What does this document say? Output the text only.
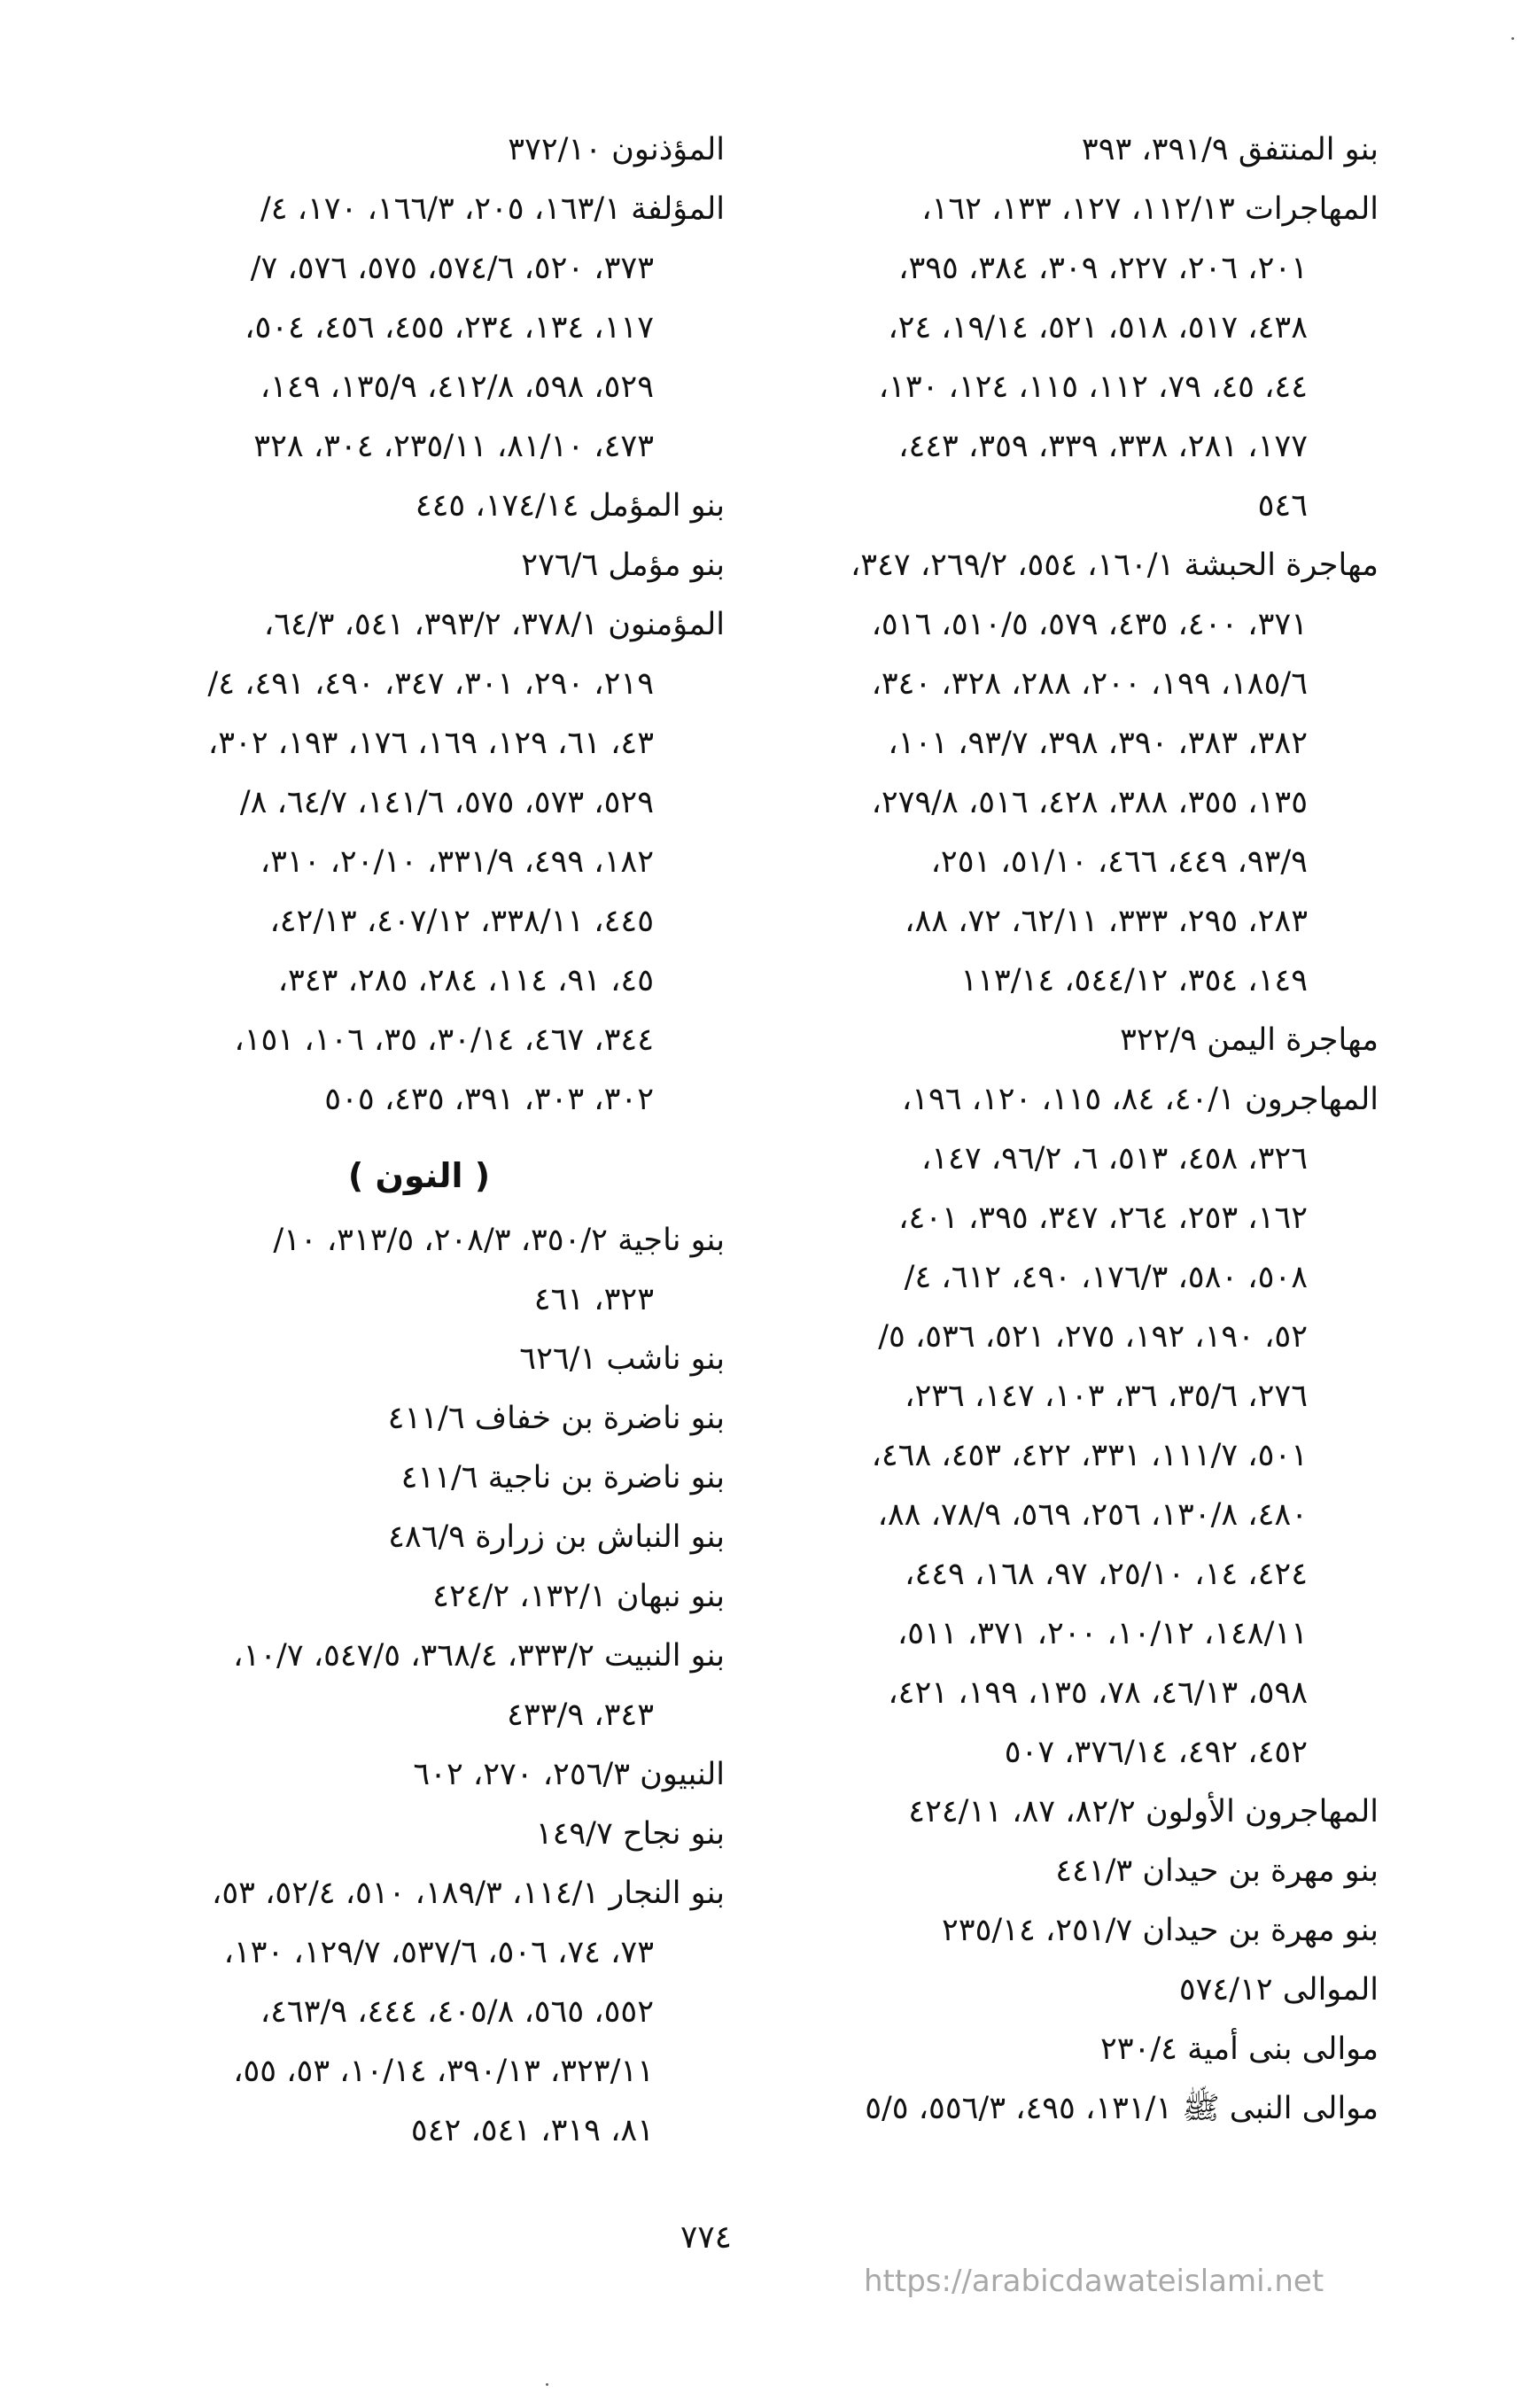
بنو المنتفق ٣٩١/٩، ٣٩٣
المهاجرات ١١٢/١٣، ١٢٧، ١٣٣، ١٦٢،
٢٠١، ٢٠٦، ٢٢٧، ٣٠٩، ٣٨٤، ٣٩٥،
٤٣٨، ٥١٧، ٥١٨، ٥٢١، ١٩/١٤، ٢٤،
٤٤، ٤٥، ٧٩، ١١٢، ١١٥، ١٢٤، ١٣٠،
١٧٧، ٢٨١، ٣٣٨، ٣٣٩، ٣٥٩، ٤٤٣،
٥٤٦
مهاجرة الحبشة ١٦٠/١، ٥٥٤، ٢٦٩/٢، ٣٤٧،
٣٧١، ٤٠٠، ٤٣٥، ٥٧٩، ٥١٠/٥، ٥١٦،
١٨٥/٦، ١٩٩، ٢٠٠، ٢٨٨، ٣٢٨، ٣٤٠،
٣٨٢، ٣٨٣، ٣٩٠، ٣٩٨، ٩٣/٧، ١٠١،
١٣٥، ٣٥٥، ٣٨٨، ٤٢٨، ٥١٦، ٢٧٩/٨،
٩٣/٩، ٤٤٩، ٤٦٦، ٥١/١٠، ٢٥١،
٢٨٣، ٢٩٥، ٣٣٣، ٦٢/١١، ٧٢، ٨٨،
١٤٩، ٣٥٤، ٥٤٤/١٢، ١١٣/١٤
مهاجرة اليمن ٣٢٢/٩
المهاجرون ٤٠/١، ٨٤، ١١٥، ١٢٠، ١٩٦،
٣٢٦، ٤٥٨، ٥١٣، ٦، ٩٦/٢، ١٤٧،
١٦٢، ٢٥٣، ٢٦٤، ٣٤٧، ٣٩٥، ٤٠١،
٥٠٨، ٥٨٠، ١٧٦/٣، ٤٩٠، ٦١٢، ٤/
٥٢، ١٩٠، ١٩٢، ٢٧٥، ٥٢١، ٥٣٦، ٥/
٢٧٦، ٣٥/٦، ٣٦، ١٠٣، ١٤٧، ٢٣٦،
٥٠١، ١١١/٧، ٣٣١، ٤٢٢، ٤٥٣، ٤٦٨،
٤٨٠، ١٣٠/٨، ٢٥٦، ٥٦٩، ٧٨/٩، ٨٨،
٤٢٤، ١٤، ٢٥/١٠، ٩٧، ١٦٨، ٤٤٩،
١٤٨/١١، ١٠/١٢، ٢٠٠، ٣٧١، ٥١١،
٥٩٨، ٤٦/١٣، ٧٨، ١٣٥، ١٩٩، ٤٢١،
٤٥٢، ٤٩٢، ٣٧٦/١٤، ٥٠٧
المهاجرون الأولون ٨٢/٢، ٨٧، ٤٢٤/١١
بنو مهرة بن حيدان ٤٤١/٣
بنو مهرة بن حيدان ٢٥١/٧، ٢٣٥/١٤
الموالى ٥٧٤/١٢
موالى بنى أمية ٢٣٠/٤
موالى النبى ﷺ ١٣١/١، ٤٩٥، ٥٥٦/٣، ٥/٥
المؤذنون ٣٧٢/١٠
المؤلفة ١٦٣/١، ٢٠٥، ١٦٦/٣، ١٧٠، ٤/
٣٧٣، ٥٢٠، ٥٧٤/٦، ٥٧٥، ٥٧٦، ٧/
١١٧، ١٣٤، ٢٣٤، ٤٥٥، ٤٥٦، ٥٠٤،
٥٢٩، ٥٩٨، ٤١٢/٨، ١٣٥/٩، ١٤٩،
٤٧٣، ٨١/١٠، ٢٣٥/١١، ٣٠٤، ٣٢٨
بنو المؤمل ١٧٤/١٤، ٤٤٥
بنو مؤمل ٢٧٦/٦
المؤمنون ٣٧٨/١، ٣٩٣/٢، ٥٤١، ٦٤/٣،
٢١٩، ٢٩٠، ٣٠١، ٣٤٧، ٤٩٠، ٤٩١، ٤/
٤٣، ٦١، ١٢٩، ١٦٩، ١٧٦، ١٩٣، ٣٠٢،
٥٢٩، ٥٧٣، ٥٧٥، ١٤١/٦، ٦٤/٧، ٨/
١٨٢، ٤٩٩، ٣٣١/٩، ٢٠/١٠، ٣١٠،
٤٤٥، ٣٣٨/١١، ٤٠٧/١٢، ٤٢/١٣،
٤٥، ٩١، ١١٤، ٢٨٤، ٢٨٥، ٣٤٣،
٣٤٤، ٤٦٧، ٣٠/١٤، ٣٥، ١٠٦، ١٥١،
٣٠٢، ٣٠٣، ٣٩١، ٤٣٥، ٥٠٥
( النون )
بنو ناجية ٣٥٠/٢، ٢٠٨/٣، ٣١٣/٥، ١٠/
٣٢٣، ٤٦١
بنو ناشب ٦٢٦/١
بنو ناضرة بن خفاف ٤١١/٦
بنو ناضرة بن ناجية ٤١١/٦
بنو النباش بن زرارة ٤٨٦/٩
بنو نبهان ١٣٢/١، ٤٢٤/٢
بنو النبيت ٣٣٣/٢، ٣٦٨/٤، ٥٤٧/٥، ١٠/٧،
٣٤٣، ٤٣٣/٩
النبيون ٢٥٦/٣، ٢٧٠، ٦٠٢
بنو نجاح ١٤٩/٧
بنو النجار ١١٤/١، ١٨٩/٣، ٥١٠، ٥٢/٤، ٥٣،
٧٣، ٧٤، ٥٠٦، ٥٣٧/٦، ١٢٩/٧، ١٣٠،
٥٥٢، ٥٦٥، ٤٠٥/٨، ٤٤٤، ٤٦٣/٩،
٣٢٣/١١، ٣٩٠/١٣، ١٠/١٤، ٥٣، ٥٥،
٨١، ٣١٩، ٥٤١، ٥٤٢
٧٧٤
https://arabicdawateislami.net
